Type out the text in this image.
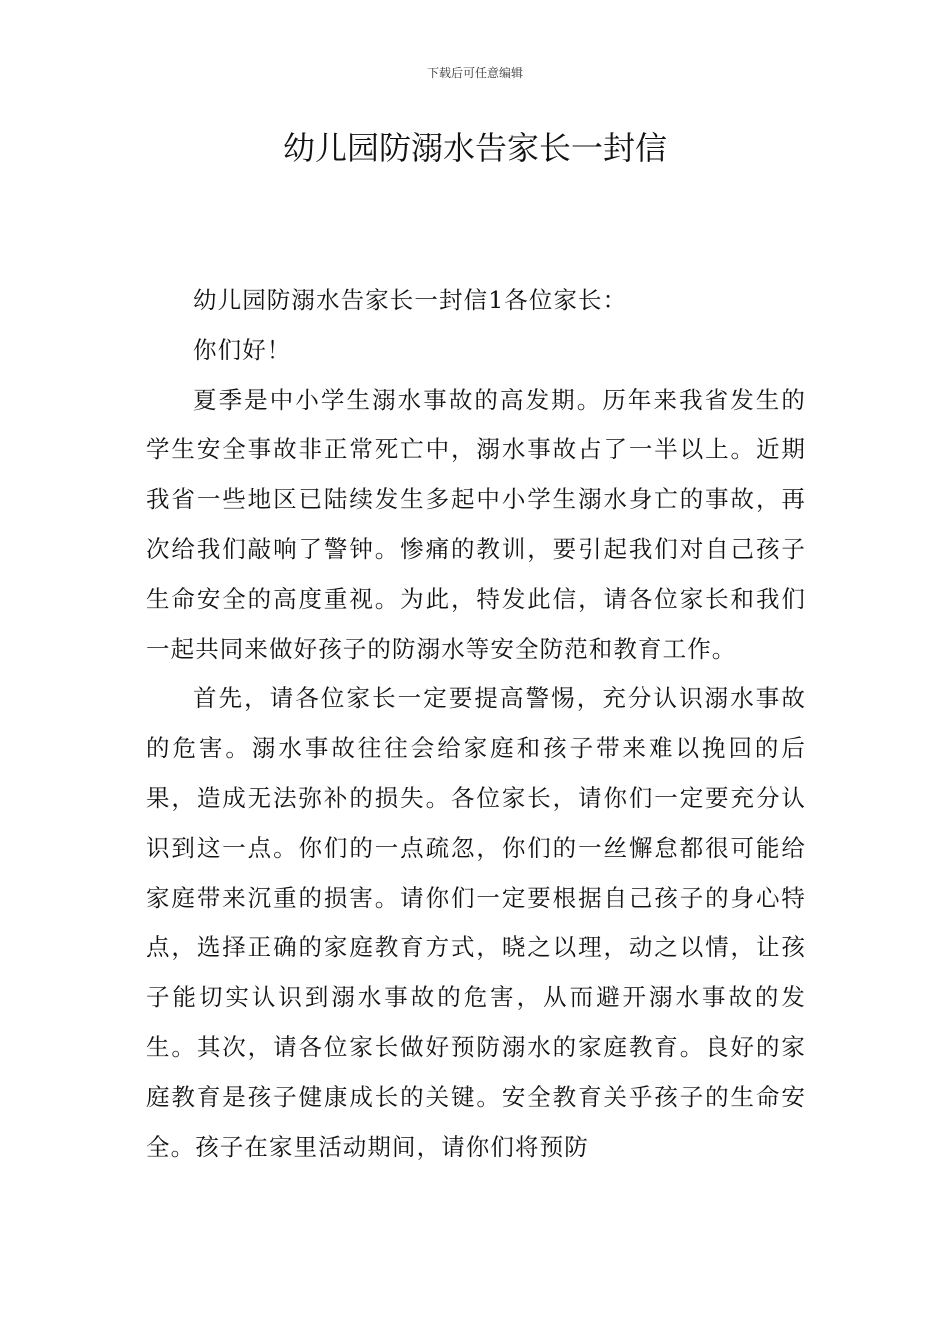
下载后可任意编辑
幼儿园防溺水告家长一封信

幼儿园防溺水告家长一封信1各位家长：

你们好！

夏季是中小学生溺水事故的高发期。历年来我省发生的学生安全事故非正常死亡中，溺水事故占了一半以上。近期我省一些地区已陆续发生多起中小学生溺水身亡的事故，再次给我们敲响了警钟。惨痛的教训，要引起我们对自己孩子生命安全的高度重视。为此，特发此信，请各位家长和我们一起共同来做好孩子的防溺水等安全防范和教育工作。

首先，请各位家长一定要提高警惕，充分认识溺水事故的危害。溺水事故往往会给家庭和孩子带来难以挽回的后果，造成无法弥补的损失。各位家长，请你们一定要充分认识到这一点。你们的一点疏忽，你们的一丝懈怠都很可能给家庭带来沉重的损害。请你们一定要根据自己孩子的身心特点，选择正确的家庭教育方式，晓之以理，动之以情，让孩子能切实认识到溺水事故的危害，从而避开溺水事故的发生。其次，请各位家长做好预防溺水的家庭教育。良好的家庭教育是孩子健康成长的关键。安全教育关乎孩子的生命安全。孩子在家里活动期间，请你们将预防
